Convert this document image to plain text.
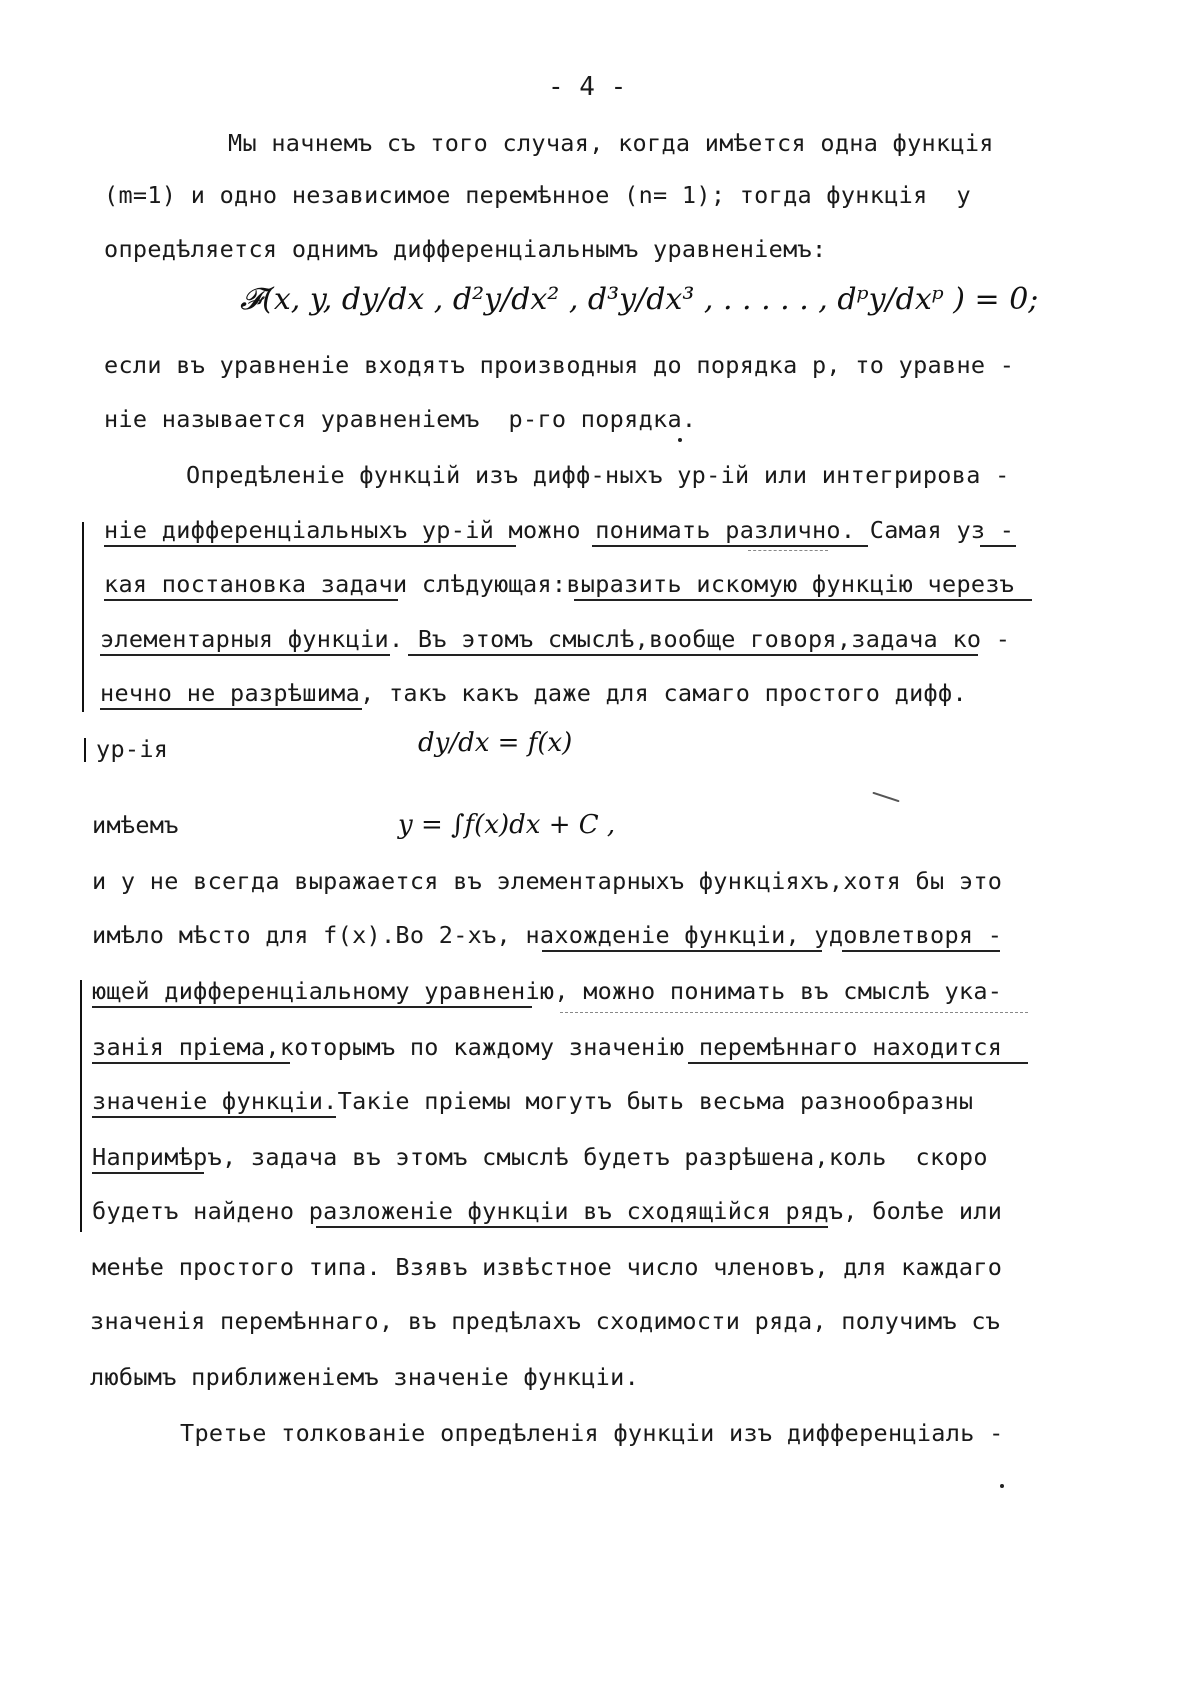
- 4 -
Мы начнемъ съ того случая, когда имѣется одна функція
(m=1) и одно независимое перемѣнное (n= 1); тогда функція  у
опредѣляется однимъ дифференціальнымъ уравненіемъ:
𝓕(x, y, dy/dx , d²y/dx² , d³y/dx³ , . . . . . , dᵖy/dxᵖ ) = 0;
если въ уравненіе входятъ производныя до порядка р, то уравне -
ніе называется уравненіемъ  р-го порядка.
Опредѣленіе функцій изъ дифф-ныхъ ур-ій или интегрирова -
ніе дифференціальныхъ ур-ій можно понимать различно. Самая уз -
кая постановка задачи слѣдующая:выразить искомую функцію черезъ
элементарныя функціи. Въ этомъ смыслѣ,вообще говоря,задача ко -
нечно не разрѣшима, такъ какъ даже для самаго простого дифф.
ур-ія	dy/dx = f(x)
имѣемъ	y = ∫f(x)dx + C ,
и у не всегда выражается въ элементарныхъ функціяхъ,хотя бы это
имѣло мѣсто для f(x).Во 2-хъ, нахожденіе функціи, удовлетворя -
ющей дифференціальному уравненію, можно понимать въ смыслѣ ука-
занія пріема,которымъ по каждому значенію перемѣннаго находится
значеніе функціи.Такіе пріемы могутъ быть весьма разнообразны
Напримѣръ, задача въ этомъ смыслѣ будетъ разрѣшена,коль  скоро
будетъ найдено разложеніе функціи въ сходящійся рядъ, болѣе или
менѣе простого типа. Взявъ извѣстное число членовъ, для каждаго
значенія перемѣннаго, въ предѣлахъ сходимости ряда, получимъ съ
любымъ приближеніемъ значеніе функціи.
Третье толкованіе опредѣленія функціи изъ дифференціаль -
